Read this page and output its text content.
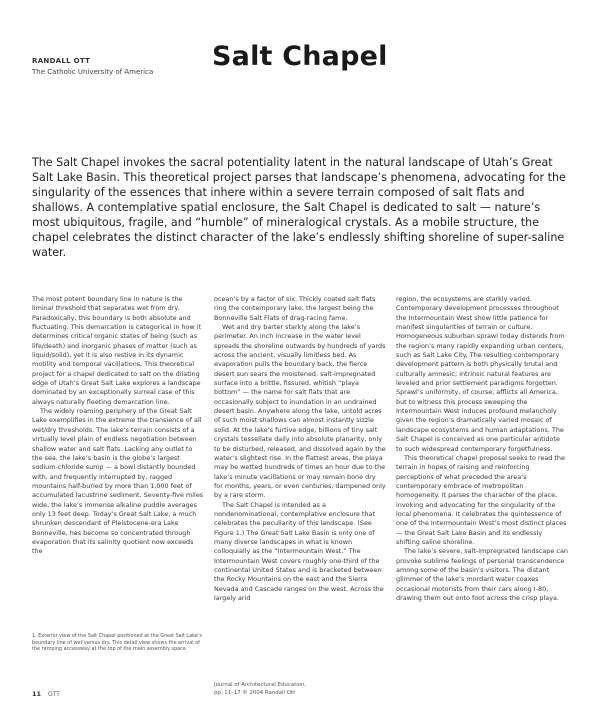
RANDALL OTT
The Catholic University of America Salt Chapel

The Salt Chapel invokes the sacral potentiality latent in the natural landscape of Utah’s Great Salt Lake Basin. This theoretical project parses that landscape’s phenomena, advocating for the singularity of the essences that inhere within a severe terrain composed of salt flats and shallows. A contemplative spatial enclosure, the Salt Chapel is dedicated to salt — nature’s most ubiquitous, fragile, and “humble” of mineralogical crystals. As a mobile structure, the chapel celebrates the distinct character of the lake’s endlessly shifting shoreline of super-saline water.

The most potent boundary line in nature is the liminal threshold that separates wet from dry. Paradoxically, this boundary is both absolute and fluctuating. This demarcation is categorical in how it determines critical organic states of being (such as life/death) and inorganic phases of matter (such as liquid/solid), yet it is also restive in its dynamic motility and temporal vacillations. This theoretical project for a chapel dedicated to salt on the dilating edge of Utah’s Great Salt Lake explores a landscape dominated by an exceptionally surreal case of this always naturally fleeting demarcation line.

The widely roaming periphery of the Great Salt Lake exemplifies in the extreme the transience of all wet/dry thresholds. The lake’s terrain consists of a virtually level plain of endless negotiation between shallow water and salt flats. Lacking any outlet to the sea, the lake’s basin is the globe’s largest sodium-chloride sump — a bowl distantly bounded with, and frequently interrupted by, ragged mountains half-buried by more than 1,000 feet of accumulated lacustrine sediment. Seventy-five miles wide, the lake’s immense alkaline puddle averages only 13 feet deep. Today’s Great Salt Lake, a much shrunken descendant of Pleistocene-era Lake Bonneville, has become so concentrated through evaporation that its salinity quotient now exceeds the

ocean’s by a factor of six. Thickly coated salt flats ring the contemporary lake, the largest being the Bonneville Salt Flats of drag-racing fame.

Wet and dry barter starkly along the lake’s perimeter. An inch increase in the water level spreads the shoreline outwards by hundreds of yards across the ancient, visually limitless bed. As evaporation pulls the boundary back, the fierce desert sun sears the moistened, salt-impregnated surface into a brittle, fissured, whitish “playa bottom” — the name for salt flats that are occasionally subject to inundation in an undrained desert basin. Anywhere along the lake, untold acres of such moist shallows can almost instantly sizzle solid. At the lake’s furtive edge, billions of tiny salt crystals tessellate daily into absolute planarity, only to be disturbed, released, and dissolved again by the water’s slightest rise. In the flattest areas, the playa may be wetted hundreds of times an hour due to the lake’s minute vacillations or may remain bone dry for months, years, or even centuries, dampened only by a rare storm.

The Salt Chapel is intended as a nondenominational, contemplative enclosure that celebrates the peculiarity of this landscape. (See Figure 1.) The Great Salt Lake Basin is only one of many diverse landscapes in what is known colloquially as the “Intermountain West.” The Intermountain West covers roughly one-third of the continental United States and is bracketed between the Rocky Mountains on the east and the Sierra Nevada and Cascade ranges on the west. Across the largely arid

region, the ecosystems are starkly varied. Contemporary development processes throughout the Intermountain West show little patience for manifest singularities of terrain or culture. Homogeneous suburban sprawl today distends from the region’s many rapidly expanding urban centers, such as Salt Lake City. The resulting contemporary development pattern is both physically brutal and culturally amnesic; intrinsic natural features are leveled and prior settlement paradigms forgotten. Sprawl’s uniformity, of course, afflicts all America, but to witness this process sweeping the Intermountain West induces profound melancholy given the region’s dramatically varied mosaic of landscape ecosystems and human adaptations. The Salt Chapel is conceived as one particular antidote to such widespread contemporary forgetfulness.

This theoretical chapel proposal seeks to read the terrain in hopes of raising and reinforcing perceptions of what preceded the area’s contemporary embrace of metropolitan homogeneity. It parses the character of the place, invoking and advocating for the singularity of the local phenomena. It celebrates the quintessence of one of the Intermountain West’s most distinct places — the Great Salt Lake Basin and its endlessly shifting saline shoreline.

The lake’s severe, salt-impregnated landscape can provoke sublime feelings of personal transcendence among some of the basin’s visitors. The distant glimmer of the lake’s mordant water coaxes occasional motorists from their cars along I-80, drawing them out onto foot across the crisp playa.

1. Exterior view of the Salt Chapel positioned at the Great Salt Lake’s boundary line of wet versus dry. This detail view shows the arrival of the ramping accessway at the top of the main assembly space.

11 OTT
Journal of Architectural Education,
pp. 11–17 © 2004 Randall Ott
